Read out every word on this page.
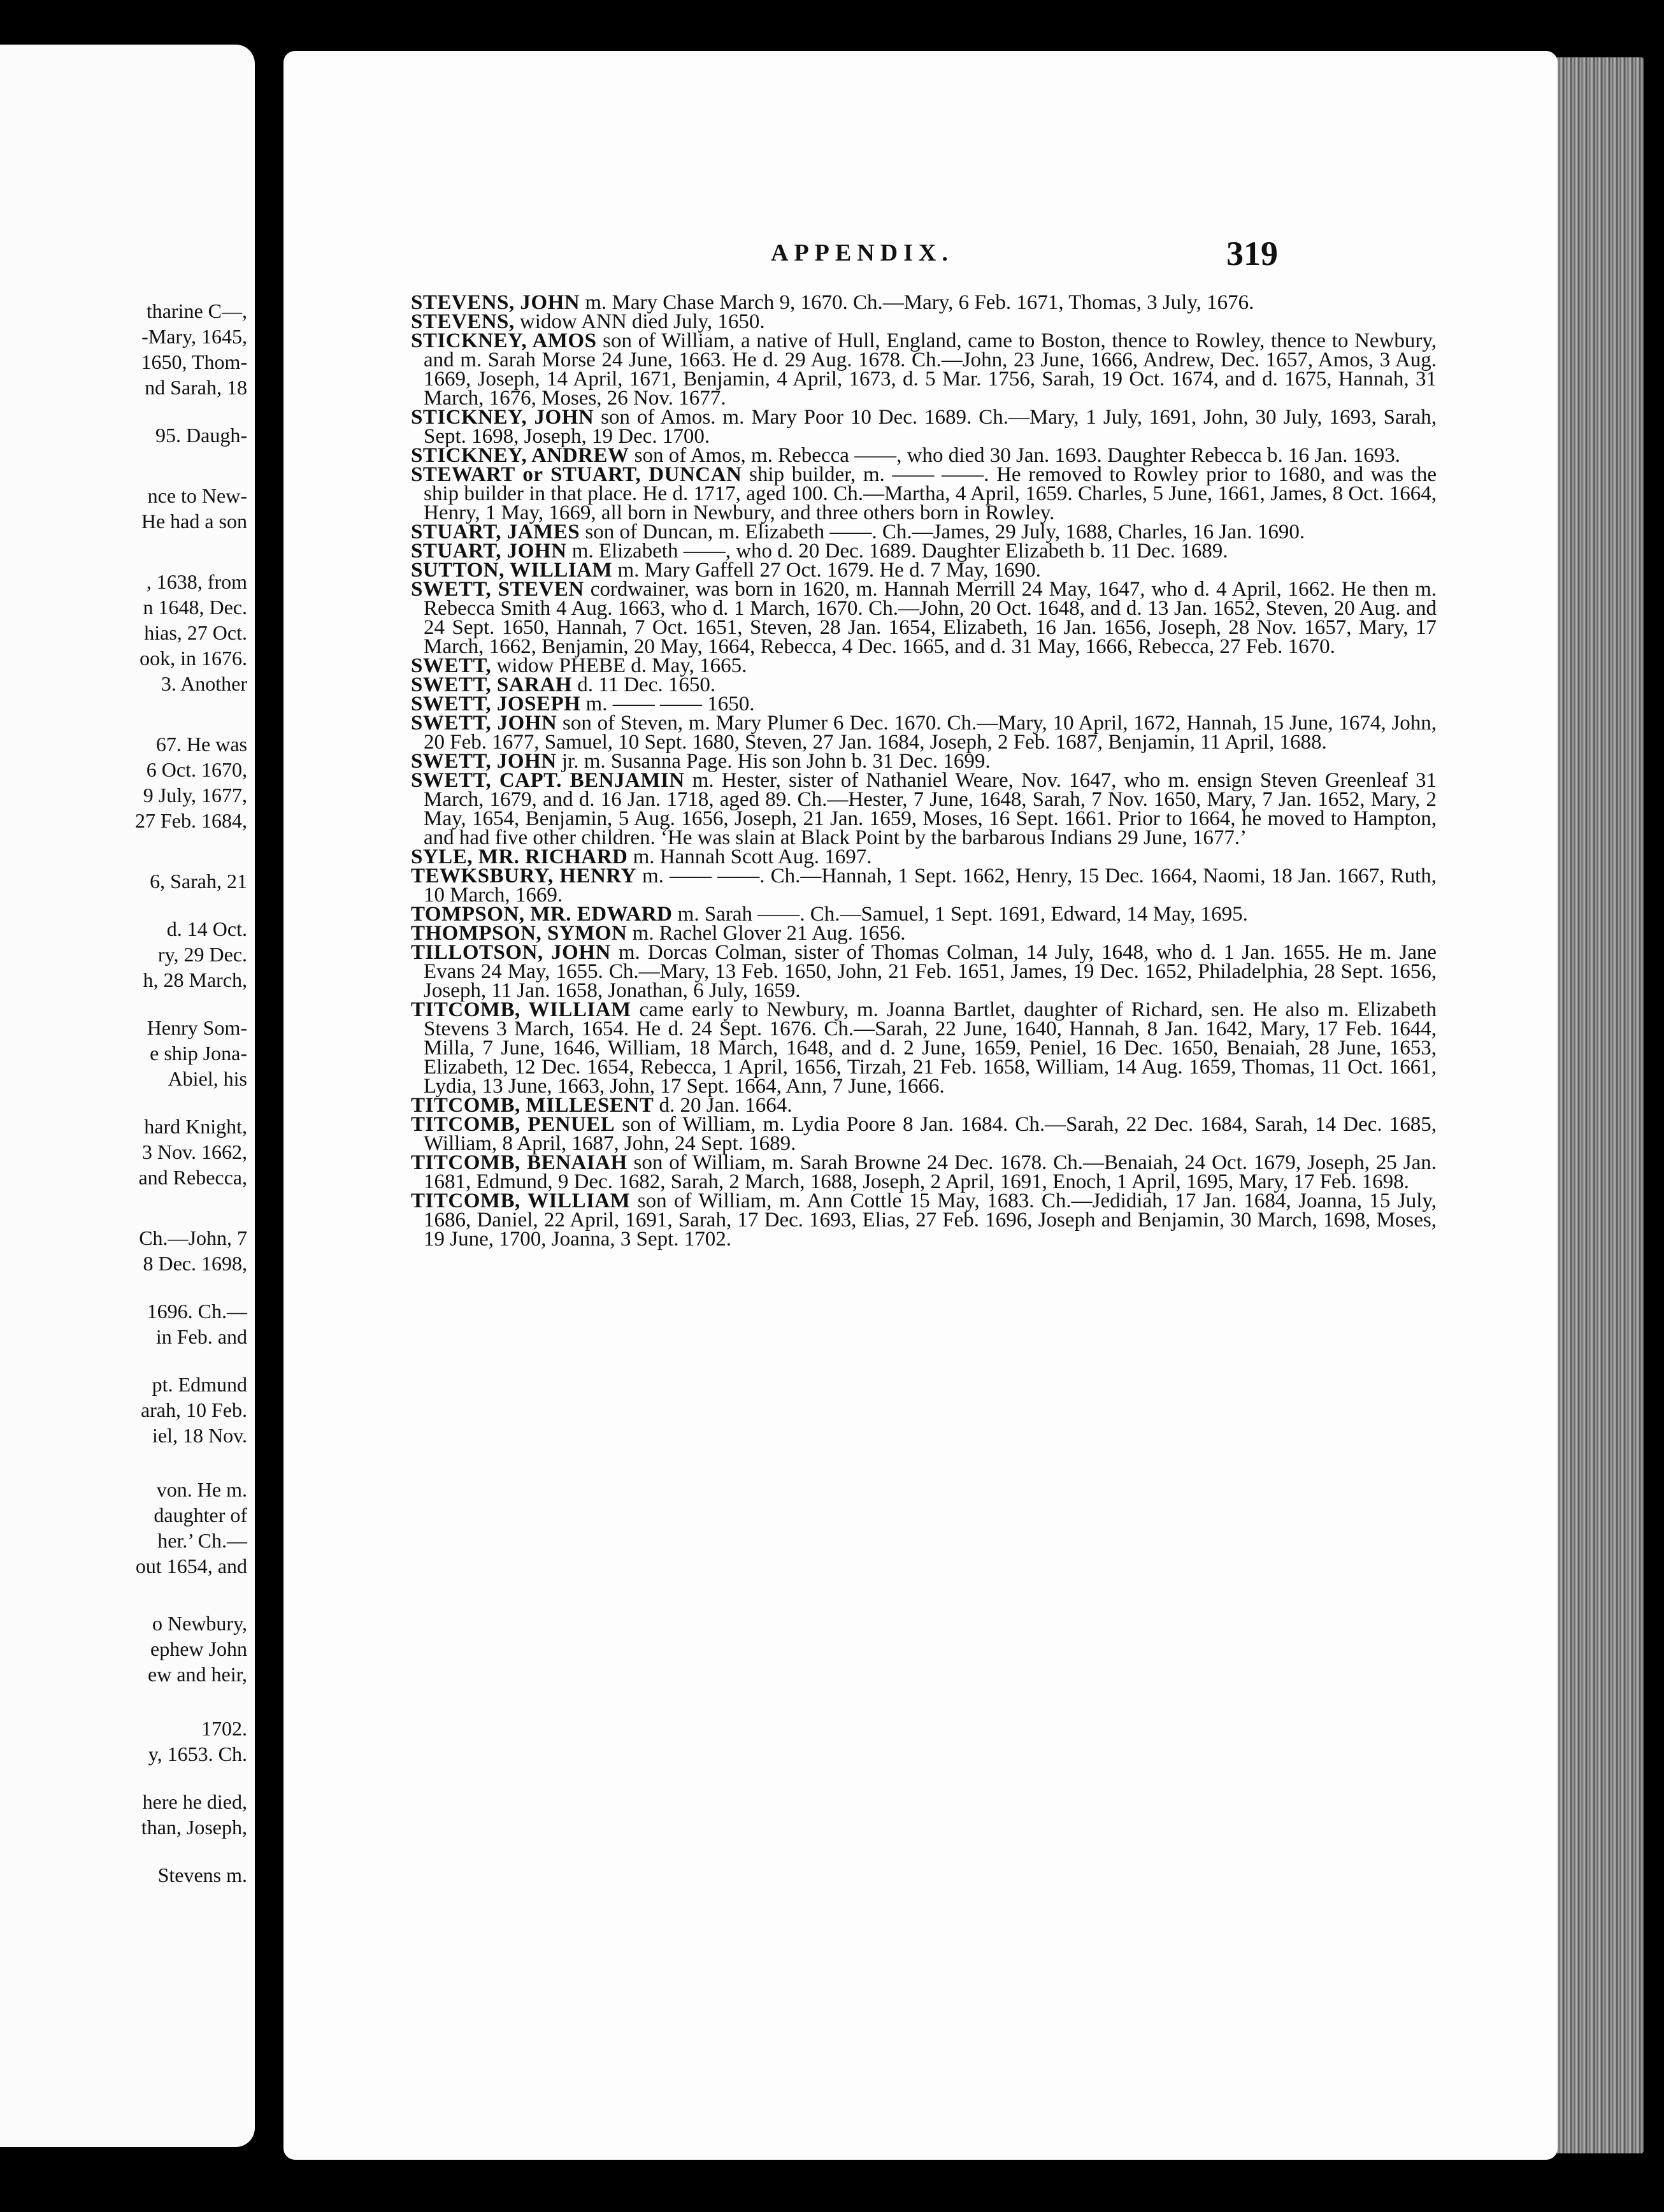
tharine C—,
-Mary, 1645,
1650, Thom-
nd Sarah, 18
95. Daugh-
nce to New-
He had a son
, 1638, from
n 1648, Dec.
hias, 27 Oct.
ook, in 1676.
3. Another
67. He was
6 Oct. 1670,
9 July, 1677,
27 Feb. 1684,
6, Sarah, 21
d. 14 Oct.
ry, 29 Dec.
h, 28 March,
Henry Som-
e ship Jona-
Abiel, his
hard Knight,
3 Nov. 1662,
and Rebecca,
Ch.—John, 7
8 Dec. 1698,
1696. Ch.—
in Feb. and
pt. Edmund
arah, 10 Feb.
iel, 18 Nov.
von. He m.
daughter of
her.’ Ch.—
out 1654, and
o Newbury,
ephew John
ew and heir,
1702.
y, 1653. Ch.
here he died,
than, Joseph,
Stevens m.
APPENDIX.	319

STEVENS, JOHN m. Mary Chase March 9, 1670. Ch.—Mary, 6 Feb. 1671, Thomas, 3 July, 1676.

STEVENS, widow ANN died July, 1650.

STICKNEY, AMOS son of William, a native of Hull, England, came to Boston, thence to Rowley, thence to Newbury, and m. Sarah Morse 24 June, 1663. He d. 29 Aug. 1678. Ch.—John, 23 June, 1666, Andrew, Dec. 1657, Amos, 3 Aug. 1669, Joseph, 14 April, 1671, Benjamin, 4 April, 1673, d. 5 Mar. 1756, Sarah, 19 Oct. 1674, and d. 1675, Hannah, 31 March, 1676, Moses, 26 Nov. 1677.

STICKNEY, JOHN son of Amos. m. Mary Poor 10 Dec. 1689. Ch.—Mary, 1 July, 1691, John, 30 July, 1693, Sarah, Sept. 1698, Joseph, 19 Dec. 1700.

STICKNEY, ANDREW son of Amos, m. Rebecca ——, who died 30 Jan. 1693. Daughter Rebecca b. 16 Jan. 1693.

STEWART or STUART, DUNCAN ship builder, m. —— ——. He removed to Rowley prior to 1680, and was the ship builder in that place. He d. 1717, aged 100. Ch.—Martha, 4 April, 1659. Charles, 5 June, 1661, James, 8 Oct. 1664, Henry, 1 May, 1669, all born in Newbury, and three others born in Rowley.

STUART, JAMES son of Duncan, m. Elizabeth ——. Ch.—James, 29 July, 1688, Charles, 16 Jan. 1690.

STUART, JOHN m. Elizabeth ——, who d. 20 Dec. 1689. Daughter Elizabeth b. 11 Dec. 1689.

SUTTON, WILLIAM m. Mary Gaffell 27 Oct. 1679. He d. 7 May, 1690.

SWETT, STEVEN cordwainer, was born in 1620, m. Hannah Merrill 24 May, 1647, who d. 4 April, 1662. He then m. Rebecca Smith 4 Aug. 1663, who d. 1 March, 1670. Ch.—John, 20 Oct. 1648, and d. 13 Jan. 1652, Steven, 20 Aug. and 24 Sept. 1650, Hannah, 7 Oct. 1651, Steven, 28 Jan. 1654, Elizabeth, 16 Jan. 1656, Joseph, 28 Nov. 1657, Mary, 17 March, 1662, Benjamin, 20 May, 1664, Rebecca, 4 Dec. 1665, and d. 31 May, 1666, Rebecca, 27 Feb. 1670.

SWETT, widow PHEBE d. May, 1665.

SWETT, SARAH d. 11 Dec. 1650.

SWETT, JOSEPH m. —— —— 1650.

SWETT, JOHN son of Steven, m. Mary Plumer 6 Dec. 1670. Ch.—Mary, 10 April, 1672, Hannah, 15 June, 1674, John, 20 Feb. 1677, Samuel, 10 Sept. 1680, Steven, 27 Jan. 1684, Joseph, 2 Feb. 1687, Benjamin, 11 April, 1688.

SWETT, JOHN jr. m. Susanna Page. His son John b. 31 Dec. 1699.

SWETT, CAPT. BENJAMIN m. Hester, sister of Nathaniel Weare, Nov. 1647, who m. ensign Steven Greenleaf 31 March, 1679, and d. 16 Jan. 1718, aged 89. Ch.—Hester, 7 June, 1648, Sarah, 7 Nov. 1650, Mary, 7 Jan. 1652, Mary, 2 May, 1654, Benjamin, 5 Aug. 1656, Joseph, 21 Jan. 1659, Moses, 16 Sept. 1661. Prior to 1664, he moved to Hampton, and had five other children. ‘He was slain at Black Point by the barbarous Indians 29 June, 1677.’

SYLE, MR. RICHARD m. Hannah Scott Aug. 1697.

TEWKSBURY, HENRY m. —— ——. Ch.—Hannah, 1 Sept. 1662, Henry, 15 Dec. 1664, Naomi, 18 Jan. 1667, Ruth, 10 March, 1669.

TOMPSON, MR. EDWARD m. Sarah ——. Ch.—Samuel, 1 Sept. 1691, Edward, 14 May, 1695.

THOMPSON, SYMON m. Rachel Glover 21 Aug. 1656.

TILLOTSON, JOHN m. Dorcas Colman, sister of Thomas Colman, 14 July, 1648, who d. 1 Jan. 1655. He m. Jane Evans 24 May, 1655. Ch.—Mary, 13 Feb. 1650, John, 21 Feb. 1651, James, 19 Dec. 1652, Philadelphia, 28 Sept. 1656, Joseph, 11 Jan. 1658, Jonathan, 6 July, 1659.

TITCOMB, WILLIAM came early to Newbury, m. Joanna Bartlet, daughter of Richard, sen. He also m. Elizabeth Stevens 3 March, 1654. He d. 24 Sept. 1676. Ch.—Sarah, 22 June, 1640, Hannah, 8 Jan. 1642, Mary, 17 Feb. 1644, Milla, 7 June, 1646, William, 18 March, 1648, and d. 2 June, 1659, Peniel, 16 Dec. 1650, Benaiah, 28 June, 1653, Elizabeth, 12 Dec. 1654, Rebecca, 1 April, 1656, Tirzah, 21 Feb. 1658, William, 14 Aug. 1659, Thomas, 11 Oct. 1661, Lydia, 13 June, 1663, John, 17 Sept. 1664, Ann, 7 June, 1666.

TITCOMB, MILLESENT d. 20 Jan. 1664.

TITCOMB, PENUEL son of William, m. Lydia Poore 8 Jan. 1684. Ch.—Sarah, 22 Dec. 1684, Sarah, 14 Dec. 1685, William, 8 April, 1687, John, 24 Sept. 1689.

TITCOMB, BENAIAH son of William, m. Sarah Browne 24 Dec. 1678. Ch.—Benaiah, 24 Oct. 1679, Joseph, 25 Jan. 1681, Edmund, 9 Dec. 1682, Sarah, 2 March, 1688, Joseph, 2 April, 1691, Enoch, 1 April, 1695, Mary, 17 Feb. 1698.

TITCOMB, WILLIAM son of William, m. Ann Cottle 15 May, 1683. Ch.—Jedidiah, 17 Jan. 1684, Joanna, 15 July, 1686, Daniel, 22 April, 1691, Sarah, 17 Dec. 1693, Elias, 27 Feb. 1696, Joseph and Benjamin, 30 March, 1698, Moses, 19 June, 1700, Joanna, 3 Sept. 1702.
